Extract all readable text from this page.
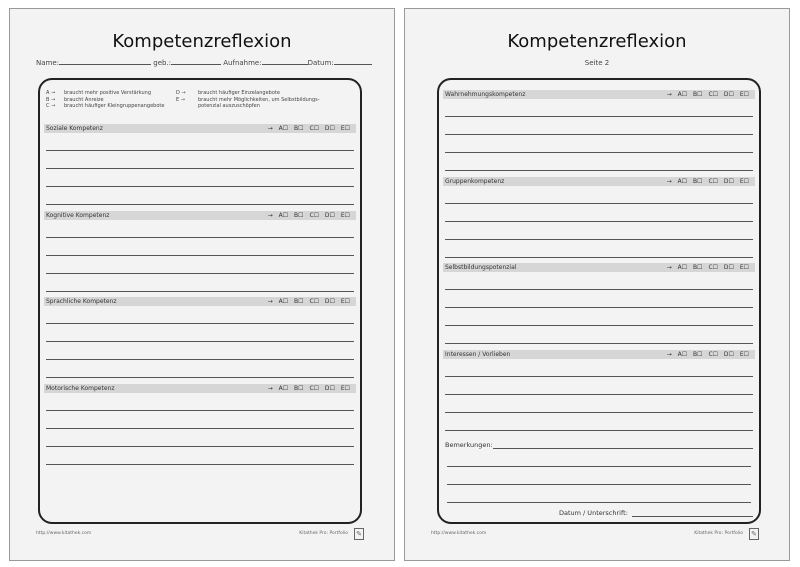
Kompetenzreflexion
Name:	geb.:	Aufnahme:	Datum:
A → braucht mehr positive Verstärkung
B → braucht Anreize
C → braucht häufiger Kleingruppenangebote
D → braucht häufiger Einzelangebote
E →	braucht mehr Möglichkeiten, um Selbstbildungs-
potenzial auszuschöpfen
Soziale Kompetenz	→ A☐ B☐ C☐ D☐ E☐
Kognitive Kompetenz	→ A☐ B☐ C☐ D☐ E☐
Sprachliche Kompetenz	→ A☐ B☐ C☐ D☐ E☐
Motorische Kompetenz	→ A☐ B☐ C☐ D☐ E☐
http://www.kitathek.com	Kitathek Pro: Portfolio ✎
Kompetenzreflexion
Seite 2
Wahrnehmungskompetenz	→ A☐ B☐ C☐ D☐ E☐
Gruppenkompetenz	→ A☐ B☐ C☐ D☐ E☐
Selbstbildungspotenzial	→ A☐ B☐ C☐ D☐ E☐
Interessen / Vorlieben	→ A☐ B☐ C☐ D☐ E☐
Bemerkungen:
Datum / Unterschrift:
http://www.kitathek.com	Kitathek Pro: Portfolio ✎
